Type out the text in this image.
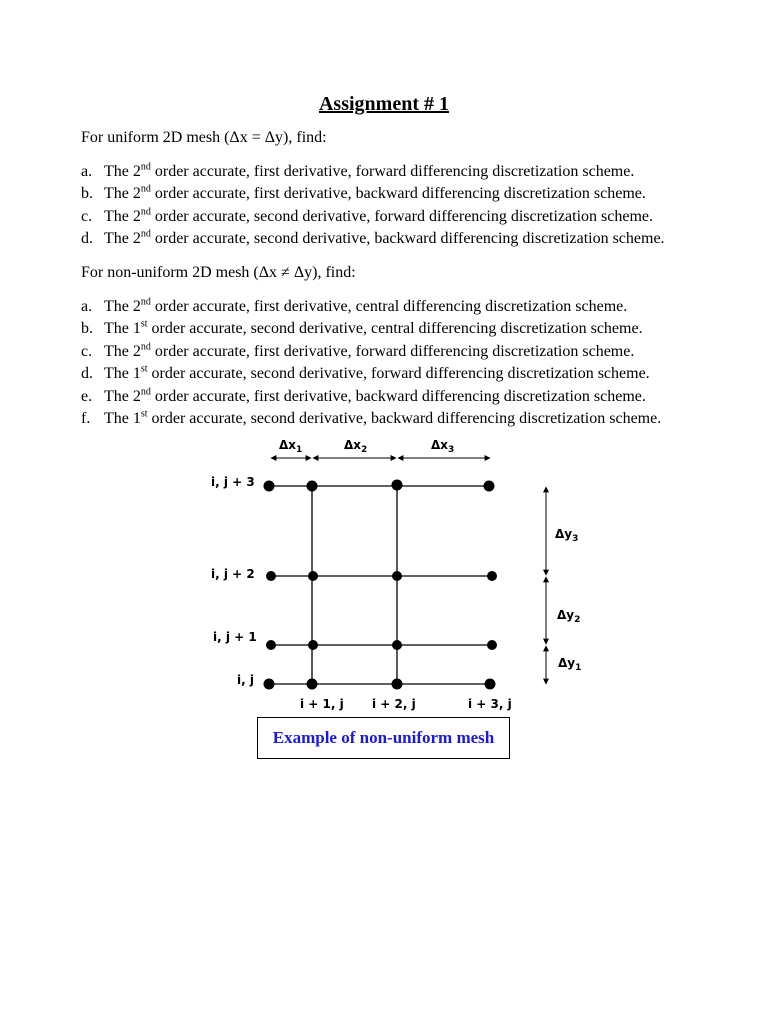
Assignment # 1
For uniform 2D mesh (Δx = Δy), find:
a. The 2nd order accurate, first derivative, forward differencing discretization scheme.
b. The 2nd order accurate, first derivative, backward differencing discretization scheme.
c. The 2nd order accurate, second derivative, forward differencing discretization scheme.
d. The 2nd order accurate, second derivative, backward differencing discretization scheme.
For non-uniform 2D mesh (Δx ≠ Δy), find:
a. The 2nd order accurate, first derivative, central differencing discretization scheme.
b. The 1st order accurate, second derivative, central differencing discretization scheme.
c. The 2nd order accurate, first derivative, forward differencing discretization scheme.
d. The 1st order accurate, second derivative, forward differencing discretization scheme.
e. The 2nd order accurate, first derivative, backward differencing discretization scheme.
f. The 1st order accurate, second derivative, backward differencing discretization scheme.
$\Delta x_1$	$\Delta x_2$	$\Delta x_3$
$\Delta y_3$
$\Delta y_2$
$\Delta y_1$
i, j + 3
i, j + 2
i, j + 1
i, j
i + 1, j i + 2, j	i + 3, j
Example of non-uniform mesh
